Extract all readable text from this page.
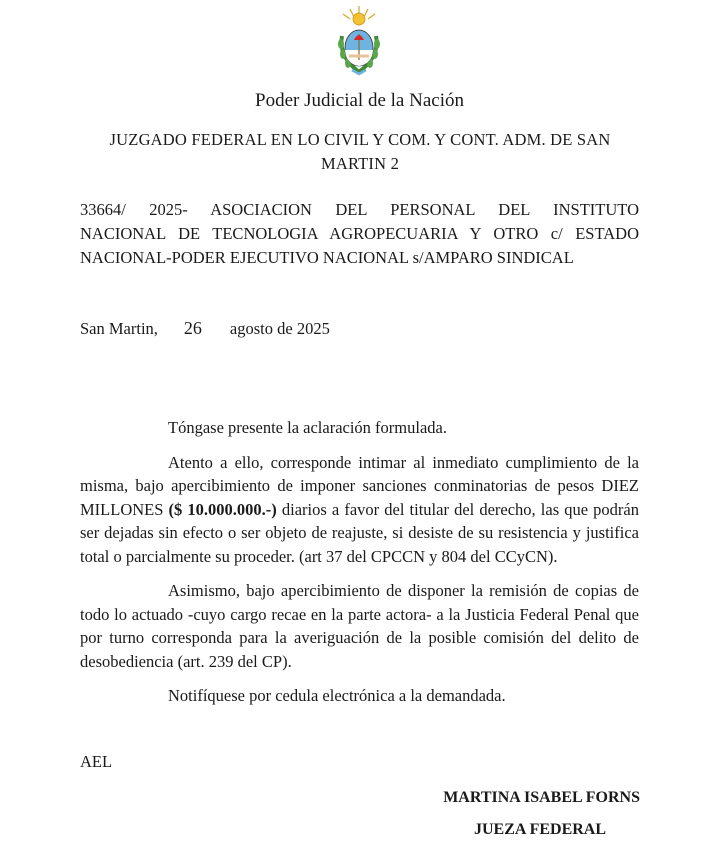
Poder Judicial de la Nación
JUZGADO FEDERAL EN LO CIVIL Y COM. Y CONT. ADM. DE SAN
MARTIN 2
33664/ 2025- ASOCIACION DEL PERSONAL DEL INSTITUTO
NACIONAL DE TECNOLOGIA AGROPECUARIA Y OTRO c/ ESTADO
NACIONAL-PODER EJECUTIVO NACIONAL s/AMPARO SINDICAL
San Martin, 26 agosto de 2025

Tóngase presente la aclaración formulada.

Atento a ello, corresponde intimar al inmediato cumplimiento de la misma, bajo apercibimiento de imponer sanciones conminatorias de pesos DIEZ MILLONES ($ 10.000.000.-) diarios a favor del titular del derecho, las que podrán ser dejadas sin efecto o ser objeto de reajuste, si desiste de su resistencia y justifica total o parcialmente su proceder. (art 37 del CPCCN y 804 del CCyCN).

Asimismo, bajo apercibimiento de disponer la remisión de copias de todo lo actuado -cuyo cargo recae en la parte actora- a la Justicia Federal Penal que por turno corresponda para la averiguación de la posible comisión del delito de desobediencia (art. 239 del CP).

Notifíquese por cedula electrónica a la demandada.

AEL
MARTINA ISABEL FORNS
JUEZA FEDERAL
